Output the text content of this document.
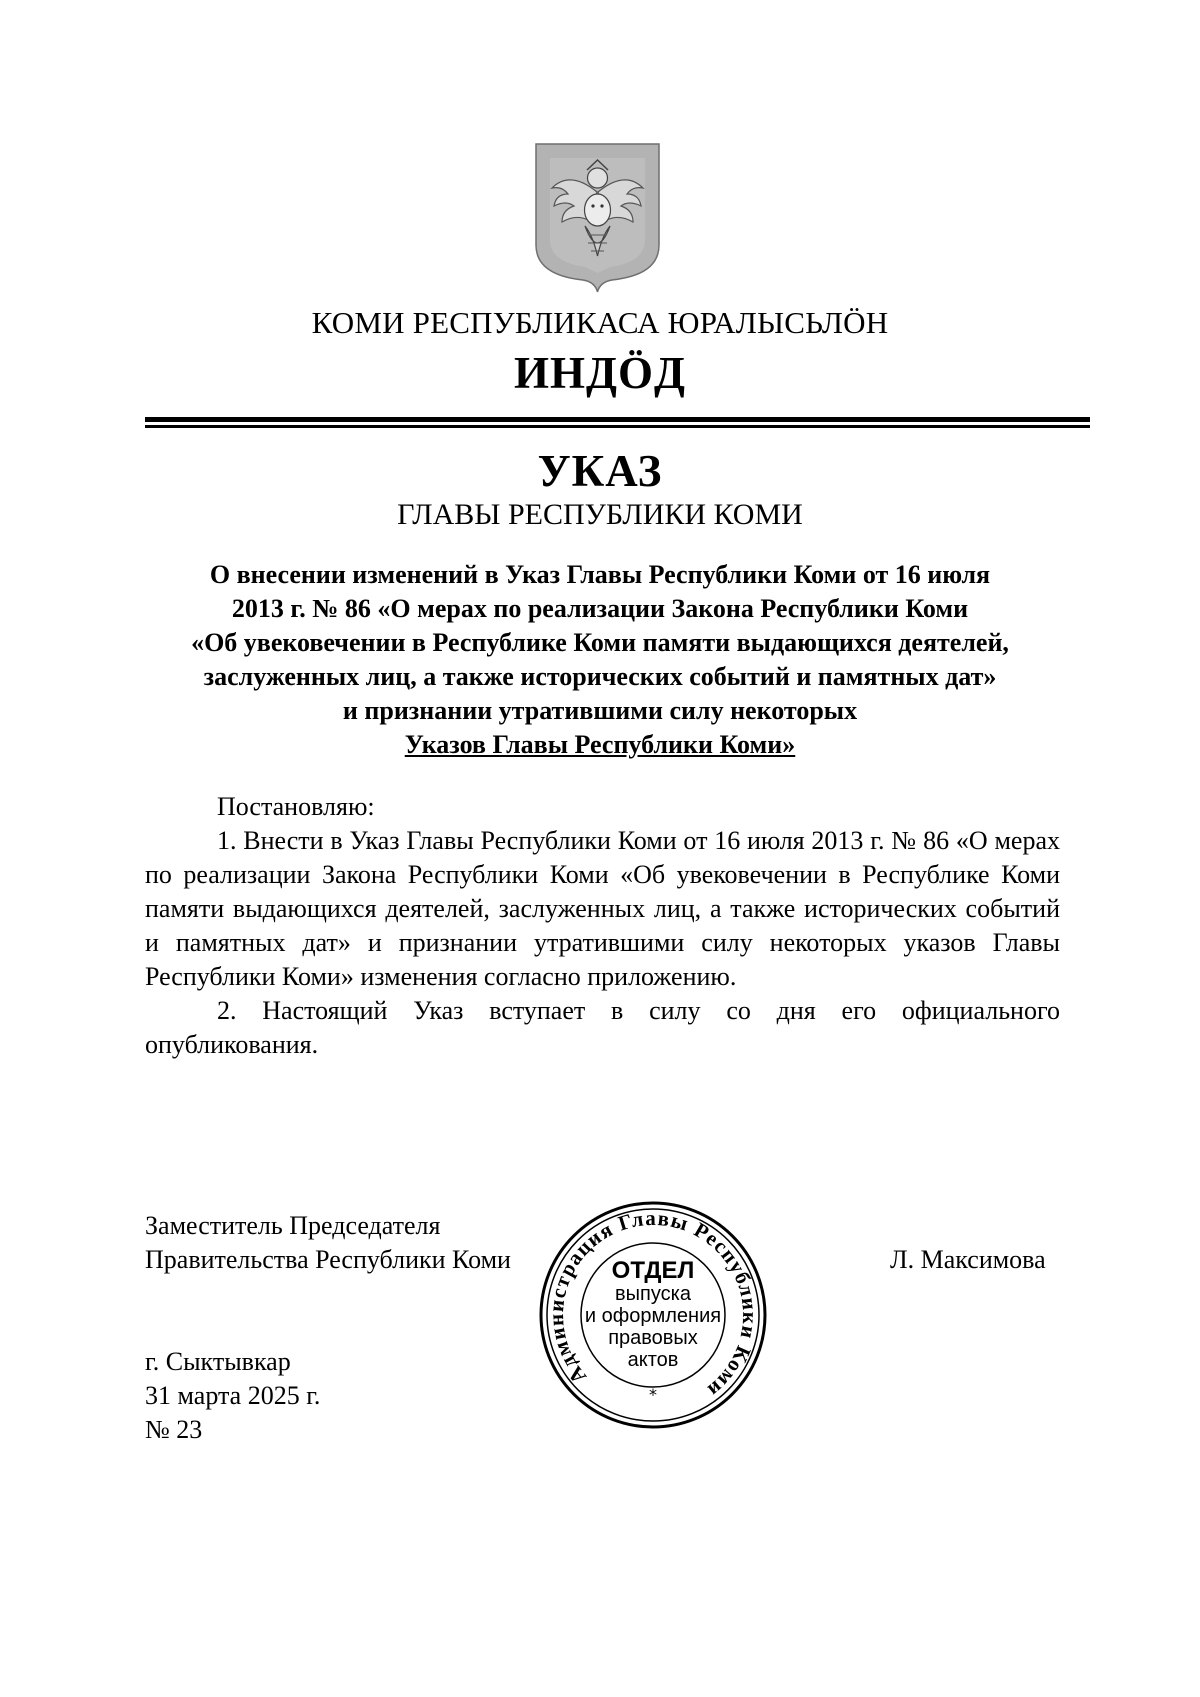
КОМИ РЕСПУБЛИКАСА ЮРАЛЫСЬЛӦН
ИНДӦД
УКАЗ
ГЛАВЫ РЕСПУБЛИКИ КОМИ
О внесении изменений в Указ Главы Республики Коми от 16 июля
2013 г. № 86 «О мерах по реализации Закона Республики Коми
«Об увековечении в Республике Коми памяти выдающихся деятелей,
заслуженных лиц, а также исторических событий и памятных дат»
и признании утратившими силу некоторых
Указов Главы Республики Коми»

Постановляю:

1. Внести в Указ Главы Республики Коми от 16 июля 2013 г. № 86 «О мерах по реализации Закона Республики Коми «Об увековечении в Республике Коми памяти выдающихся деятелей, заслуженных лиц, а также исторических событий и памятных дат» и признании утратившими силу некоторых указов Главы Республики Коми» изменения согласно приложению.

2. Настоящий Указ вступает в силу со дня его официального опубликования.

Заместитель Председателя
Правительства Республики Коми	Л. Максимова
Администрация Главы Республики Коми
*
ОТДЕЛ
выпуска
и оформления
правовых
актов
г. Сыктывкар
31 марта 2025 г.
№ 23
